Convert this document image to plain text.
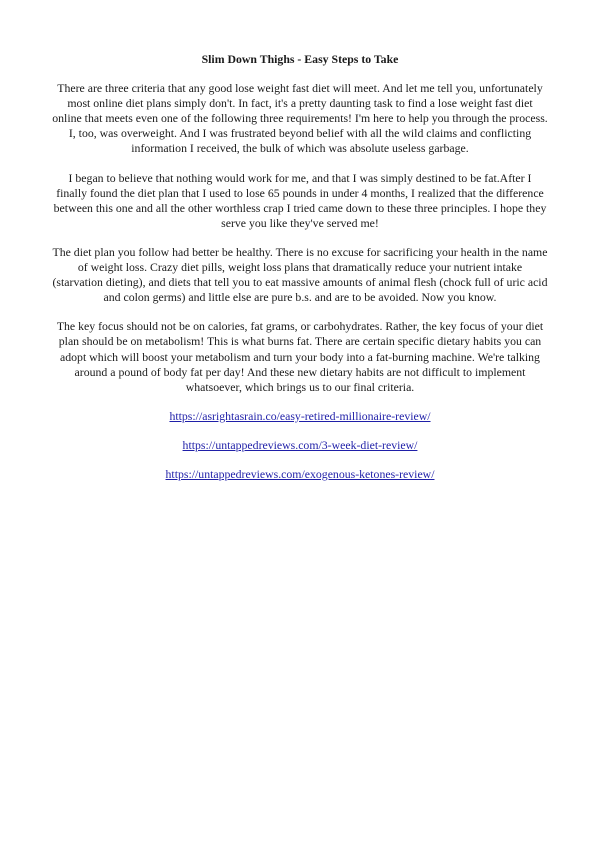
Slim Down Thighs - Easy Steps to Take

There are three criteria that any good lose weight fast diet will meet. And let me tell you, unfortunately most online diet plans simply don't. In fact, it's a pretty daunting task to find a lose weight fast diet online that meets even one of the following three requirements! I'm here to help you through the process. I, too, was overweight. And I was frustrated beyond belief with all the wild claims and conflicting information I received, the bulk of which was absolute useless garbage.

I began to believe that nothing would work for me, and that I was simply destined to be fat.After I finally found the diet plan that I used to lose 65 pounds in under 4 months, I realized that the difference between this one and all the other worthless crap I tried came down to these three principles. I hope they serve you like they've served me!

The diet plan you follow had better be healthy. There is no excuse for sacrificing your health in the name of weight loss. Crazy diet pills, weight loss plans that dramatically reduce your nutrient intake (starvation dieting), and diets that tell you to eat massive amounts of animal flesh (chock full of uric acid and colon germs) and little else are pure b.s. and are to be avoided. Now you know.

The key focus should not be on calories, fat grams, or carbohydrates. Rather, the key focus of your diet plan should be on metabolism! This is what burns fat. There are certain specific dietary habits you can adopt which will boost your metabolism and turn your body into a fat-burning machine. We're talking around a pound of body fat per day! And these new dietary habits are not difficult to implement whatsoever, which brings us to our final criteria.

https://asrightasrain.co/easy-retired-millionaire-review/
https://untappedreviews.com/3-week-diet-review/
https://untappedreviews.com/exogenous-ketones-review/
